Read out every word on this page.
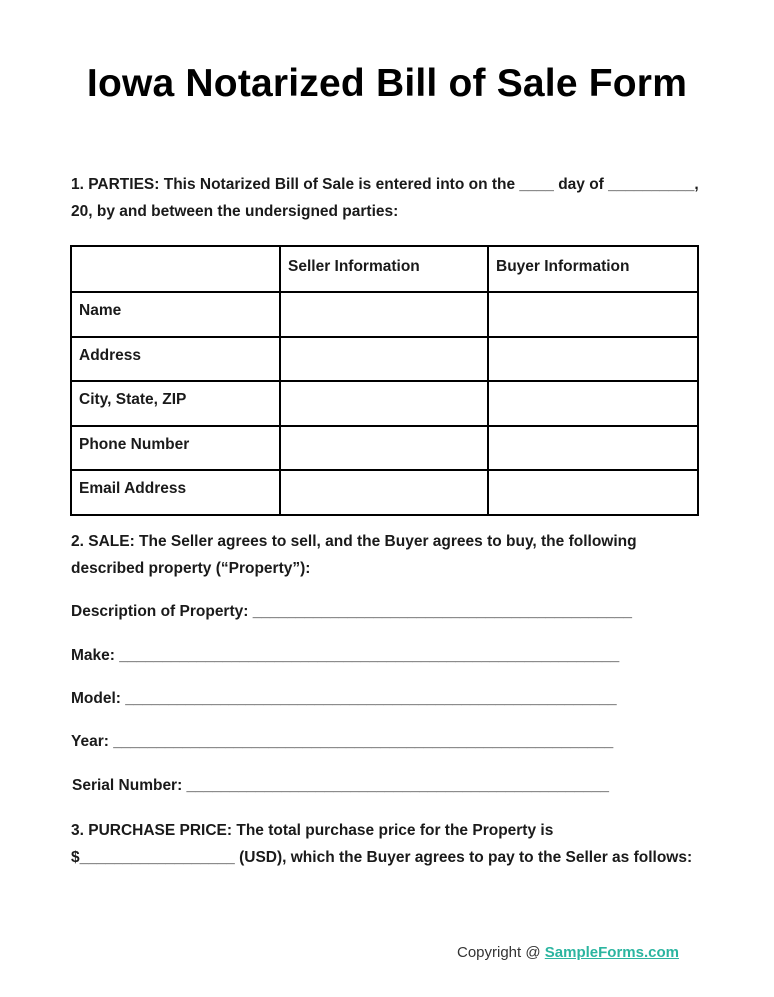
Iowa Notarized Bill of Sale Form
1. PARTIES: This Notarized Bill of Sale is entered into on the ____ day of __________, 20, by and between the undersigned parties:
	Seller Information	Buyer Information
Name		
Address		
City, State, ZIP		
Phone Number		
Email Address		
2. SALE: The Seller agrees to sell, and the Buyer agrees to buy, the following described property (“Property”):
Description of Property: ____________________________________________
Make: __________________________________________________________
Model: _________________________________________________________
Year: __________________________________________________________
Serial Number: _________________________________________________
3. PURCHASE PRICE: The total purchase price for the Property is $__________________ (USD), which the Buyer agrees to pay to the Seller as follows:
Copyright @ SampleForms.com
